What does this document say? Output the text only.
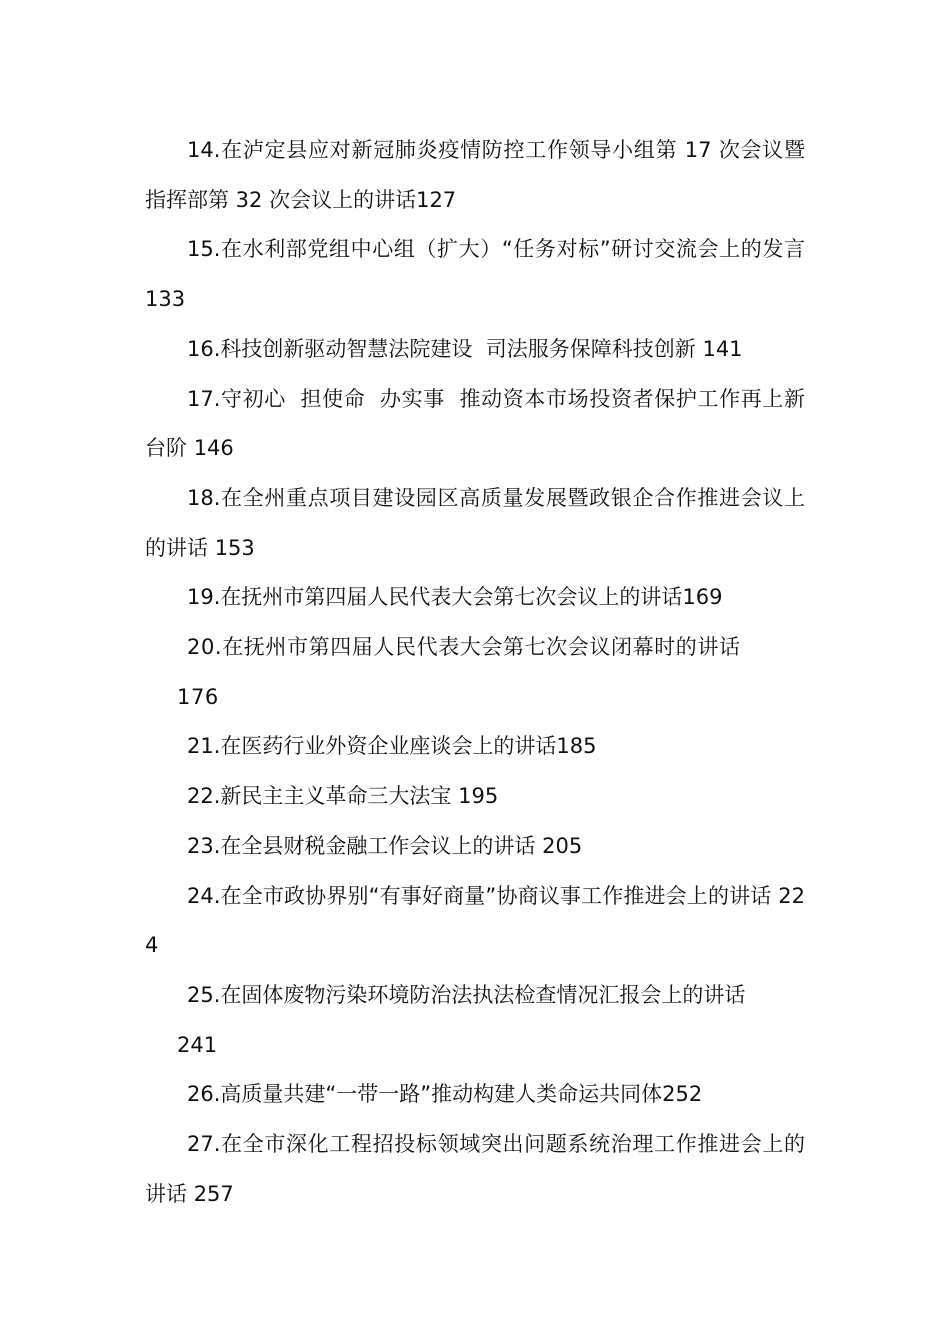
14.在泸定县应对新冠肺炎疫情防控工作领导小组第 17 次会议暨指挥部第 32 次会议上的讲话127

15.在水利部党组中心组（扩大）“任务对标”研讨交流会上的发言 133

16.科技创新驱动智慧法院建设  司法服务保障科技创新 141

17.守初心  担使命  办实事  推动资本市场投资者保护工作再上新台阶 146

18.在全州重点项目建设园区高质量发展暨政银企合作推进会议上的讲话 153

19.在抚州市第四届人民代表大会第七次会议上的讲话169

20.在抚州市第四届人民代表大会第七次会议闭幕时的讲话
176

21.在医药行业外资企业座谈会上的讲话185

22.新民主主义革命三大法宝 195

23.在全县财税金融工作会议上的讲话 205

24.在全市政协界别“有事好商量”协商议事工作推进会上的讲话 224

25.在固体废物污染环境防治法执法检查情况汇报会上的讲话
241

26.高质量共建“一带一路”推动构建人类命运共同体252

27.在全市深化工程招投标领域突出问题系统治理工作推进会上的讲话 257
